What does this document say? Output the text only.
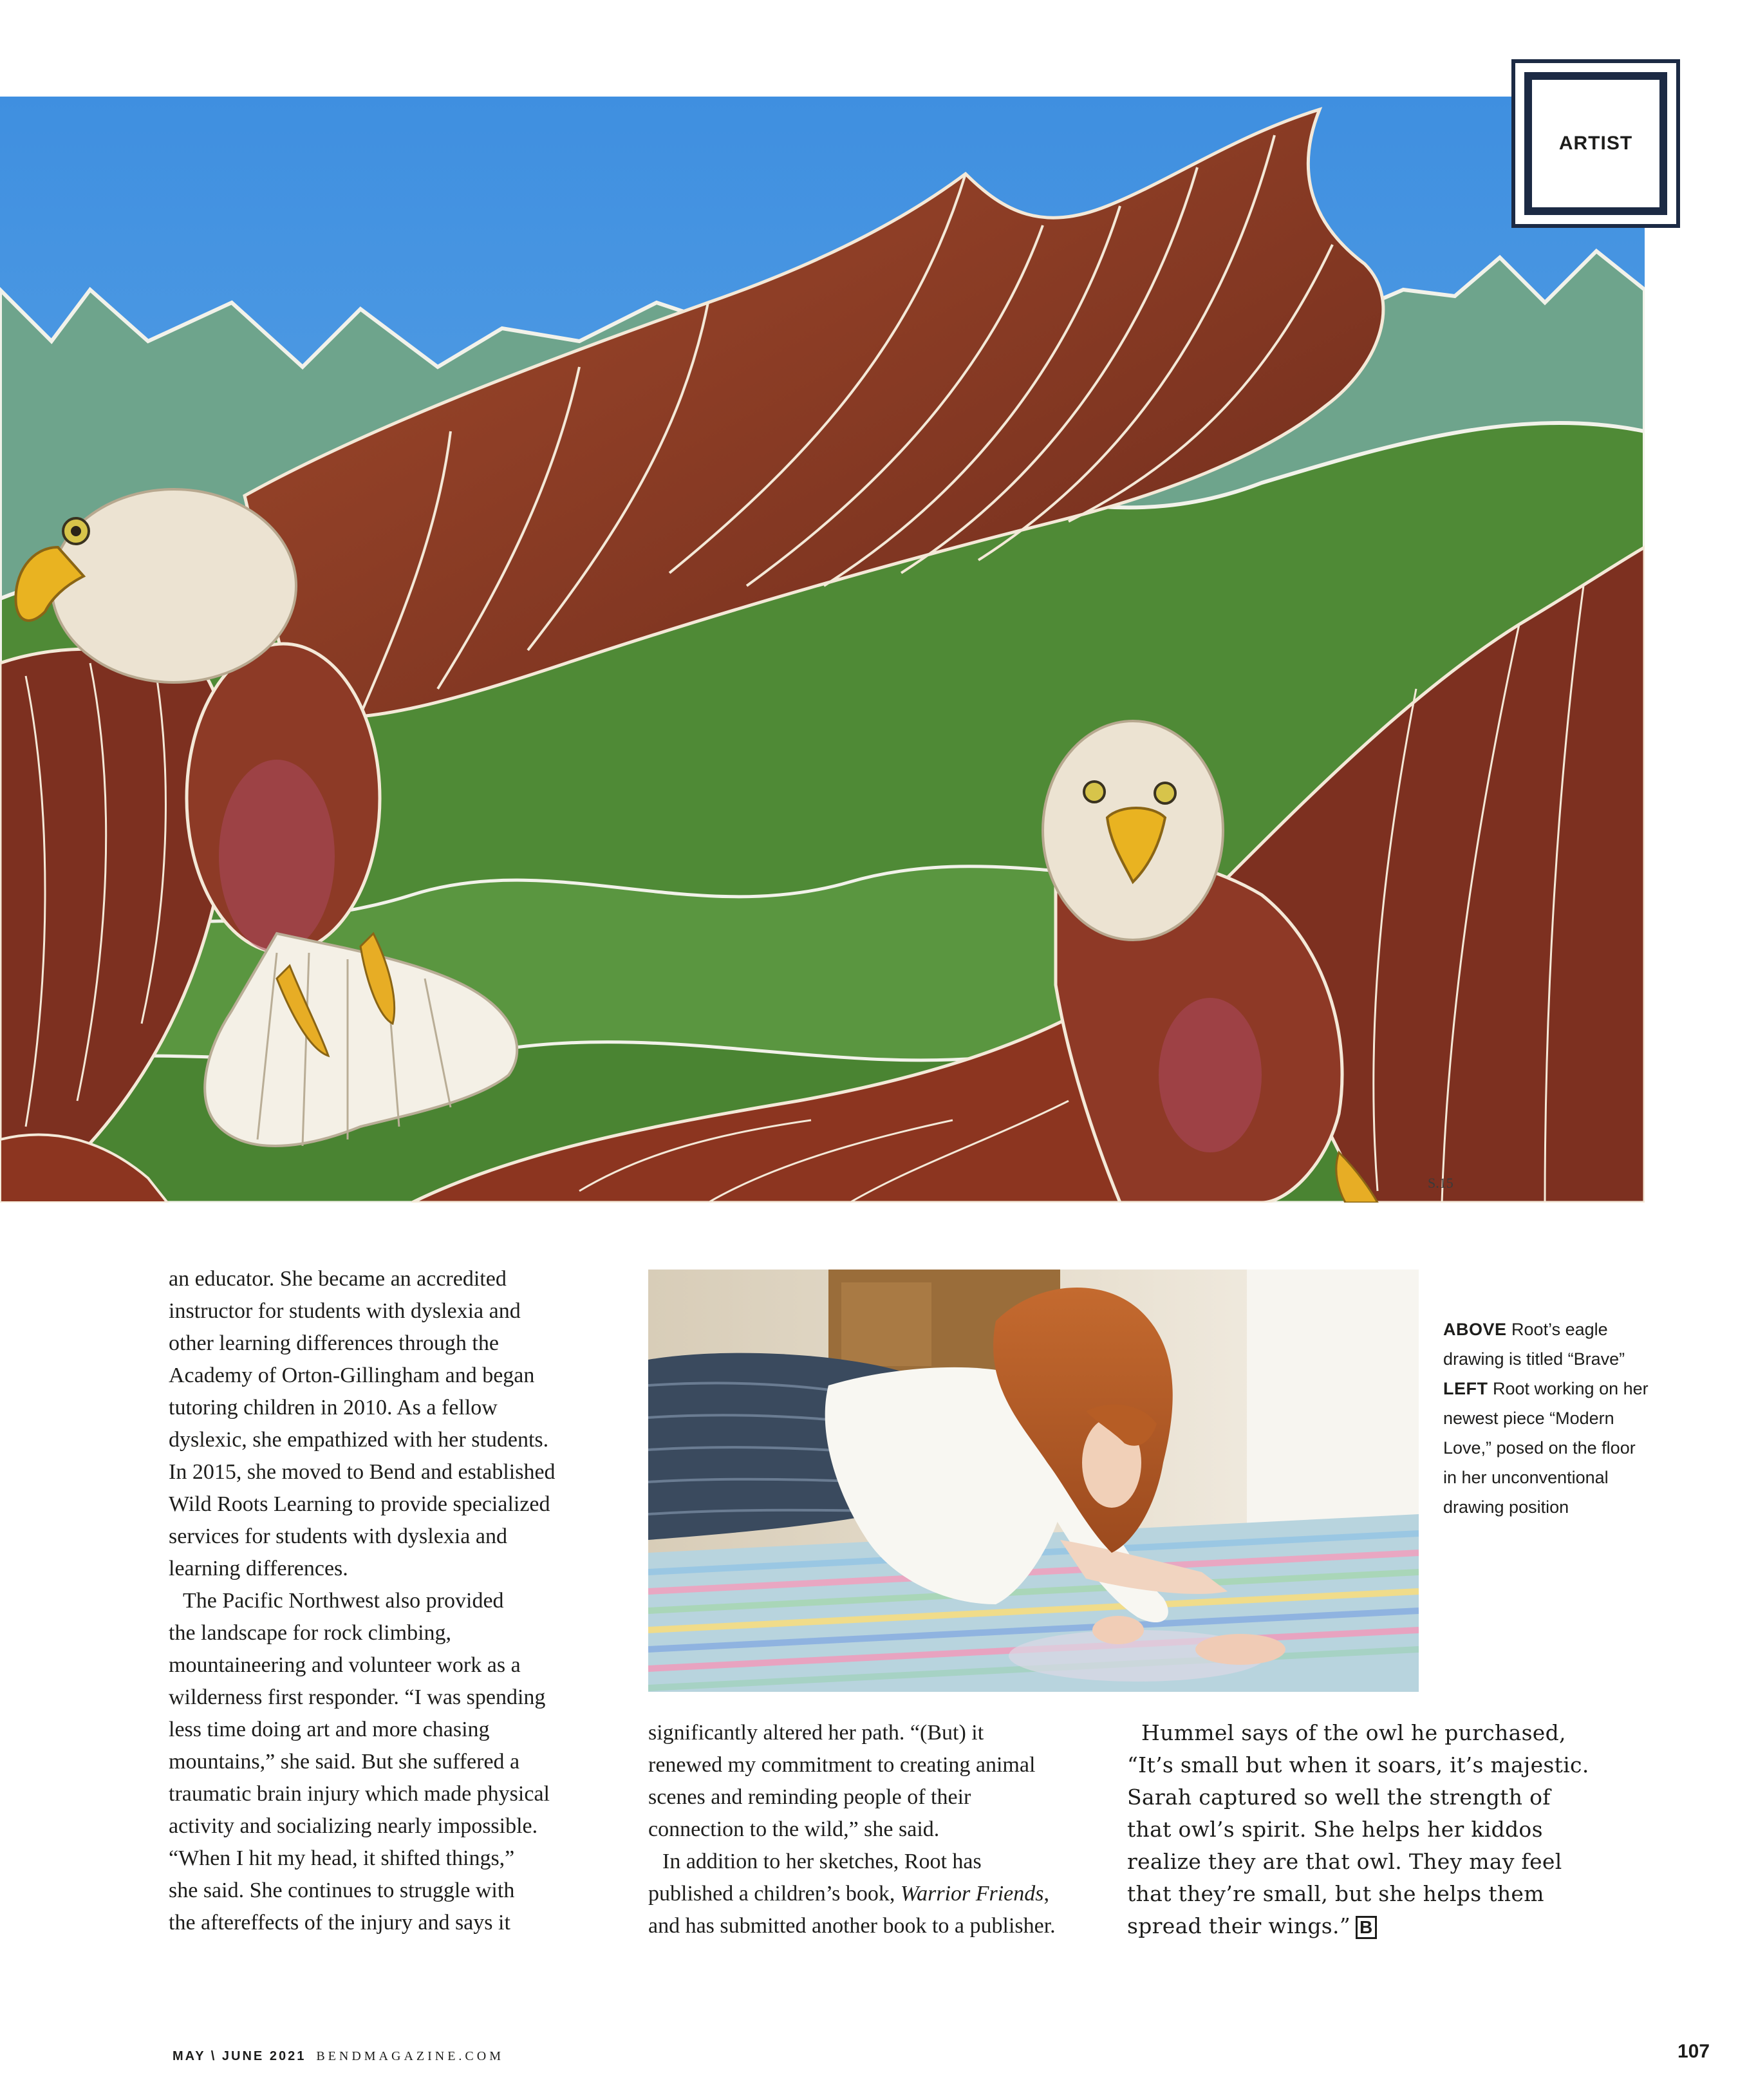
S.15
ARTIST

an educator. She became an accredited

instructor for students with dyslexia and

other learning differences through the

Academy of Orton-Gillingham and began

tutoring children in 2010. As a fellow

dyslexic, she empathized with her students.

In 2015, she moved to Bend and established

Wild Roots Learning to provide specialized

services for students with dyslexia and

learning differences.

The Pacific Northwest also provided

the landscape for rock climbing,

mountaineering and volunteer work as a

wilderness first responder. “I was spending

less time doing art and more chasing

mountains,” she said. But she suffered a

traumatic brain injury which made physical

activity and socializing nearly impossible.

“When I hit my head, it shifted things,”

she said. She continues to struggle with

the aftereffects of the injury and says it

ABOVE Root’s eagle drawing is titled “Brave”
LEFT Root working on her newest piece “Modern Love,” posed on the floor in her unconventional drawing position

significantly altered her path. “(But) it

renewed my commitment to creating animal

scenes and reminding people of their

connection to the wild,” she said.

In addition to her sketches, Root has

published a children’s book, Warrior Friends,

and has submitted another book to a publisher.

Hummel says of the owl he purchased,

“It’s small but when it soars, it’s majestic.

Sarah captured so well the strength of

that owl’s spirit. She helps her kiddos

realize they are that owl. They may feel

that they’re small, but she helps them

spread their wings.” B

MAY \ JUNE 2021 BENDMAGAZINE.COM	107
